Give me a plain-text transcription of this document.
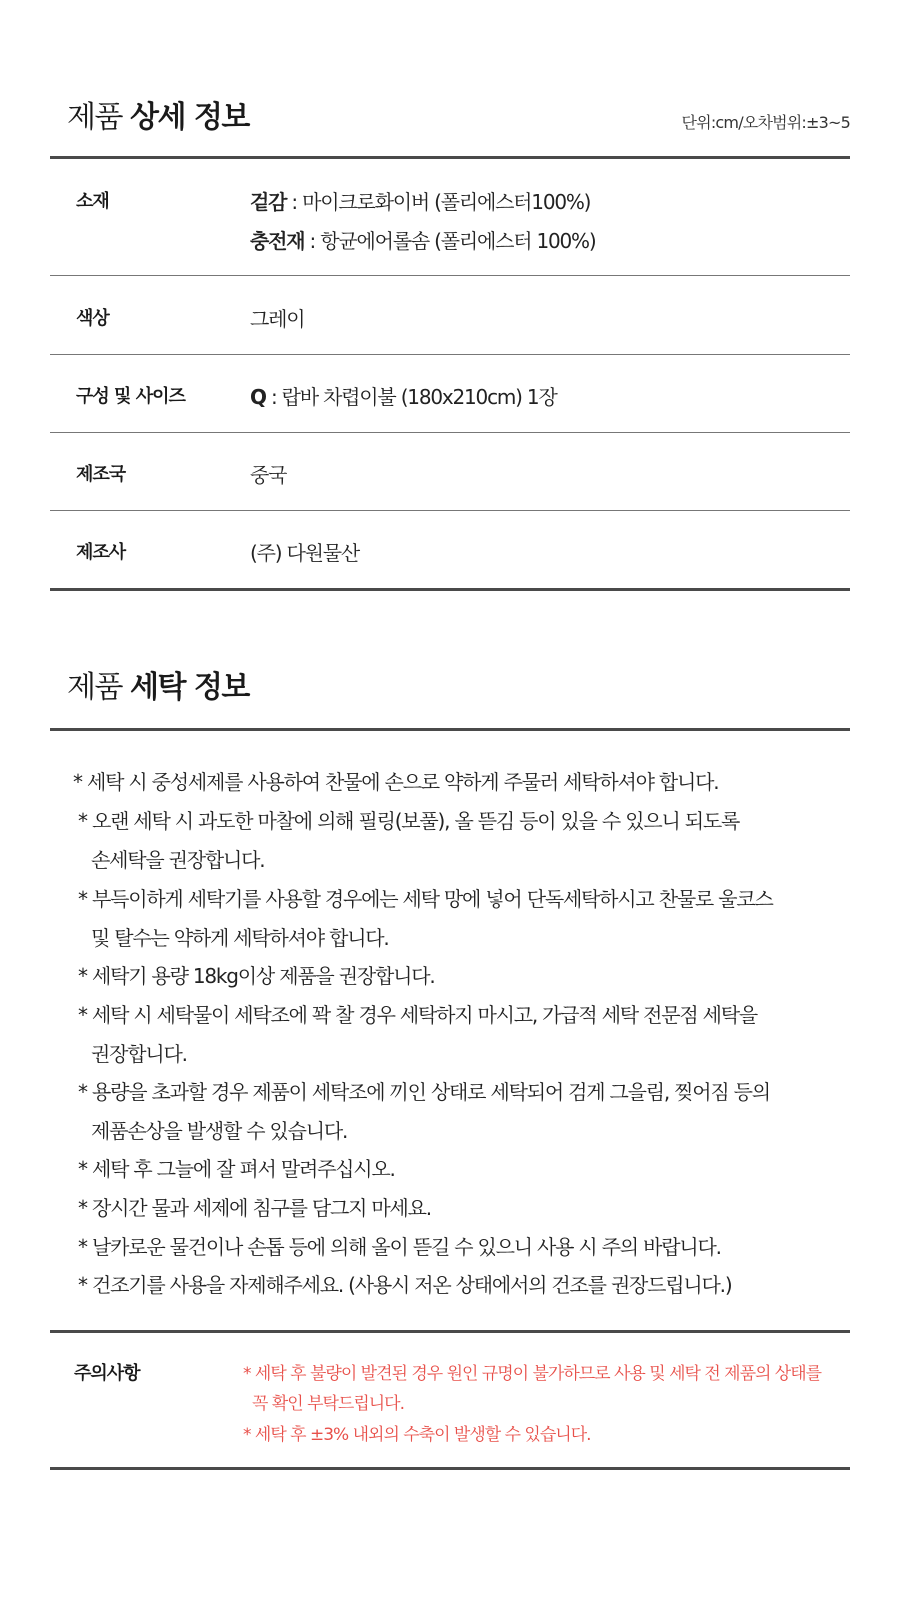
제품 상세 정보	단위:cm/오차범위:±3~5
소재	겉감 : 마이크로화이버 (폴리에스터100%)
충전재 : 항균에어롤솜 (폴리에스터 100%)
색상	그레이
구성 및 사이즈	Q : 랍바 차렵이불 (180x210cm) 1장
제조국	중국
제조사	(주) 다원물산
제품 세탁 정보
* 세탁 시 중성세제를 사용하여 찬물에 손으로 약하게 주물러 세탁하셔야 합니다.
* 오랜 세탁 시 과도한 마찰에 의해 필링(보풀), 올 뜯김 등이 있을 수 있으니 되도록
손세탁을 권장합니다.
* 부득이하게 세탁기를 사용할 경우에는 세탁 망에 넣어 단독세탁하시고 찬물로 울코스
및 탈수는 약하게 세탁하셔야 합니다.
* 세탁기 용량 18kg이상 제품을 권장합니다.
* 세탁 시 세탁물이 세탁조에 꽉 찰 경우 세탁하지 마시고, 가급적 세탁 전문점 세탁을
권장합니다.
* 용량을 초과할 경우 제품이 세탁조에 끼인 상태로 세탁되어 검게 그을림, 찢어짐 등의
제품손상을 발생할 수 있습니다.
* 세탁 후 그늘에 잘 펴서 말려주십시오.
* 장시간 물과 세제에 침구를 담그지 마세요.
* 날카로운 물건이나 손톱 등에 의해 올이 뜯길 수 있으니 사용 시 주의 바랍니다.
* 건조기를 사용을 자제해주세요. (사용시 저온 상태에서의 건조를 권장드립니다.)
주의사항	* 세탁 후 불량이 발견된 경우 원인 규명이 불가하므로 사용 및 세탁 전 제품의 상태를
꼭 확인 부탁드립니다.
* 세탁 후 ±3% 내외의 수축이 발생할 수 있습니다.
